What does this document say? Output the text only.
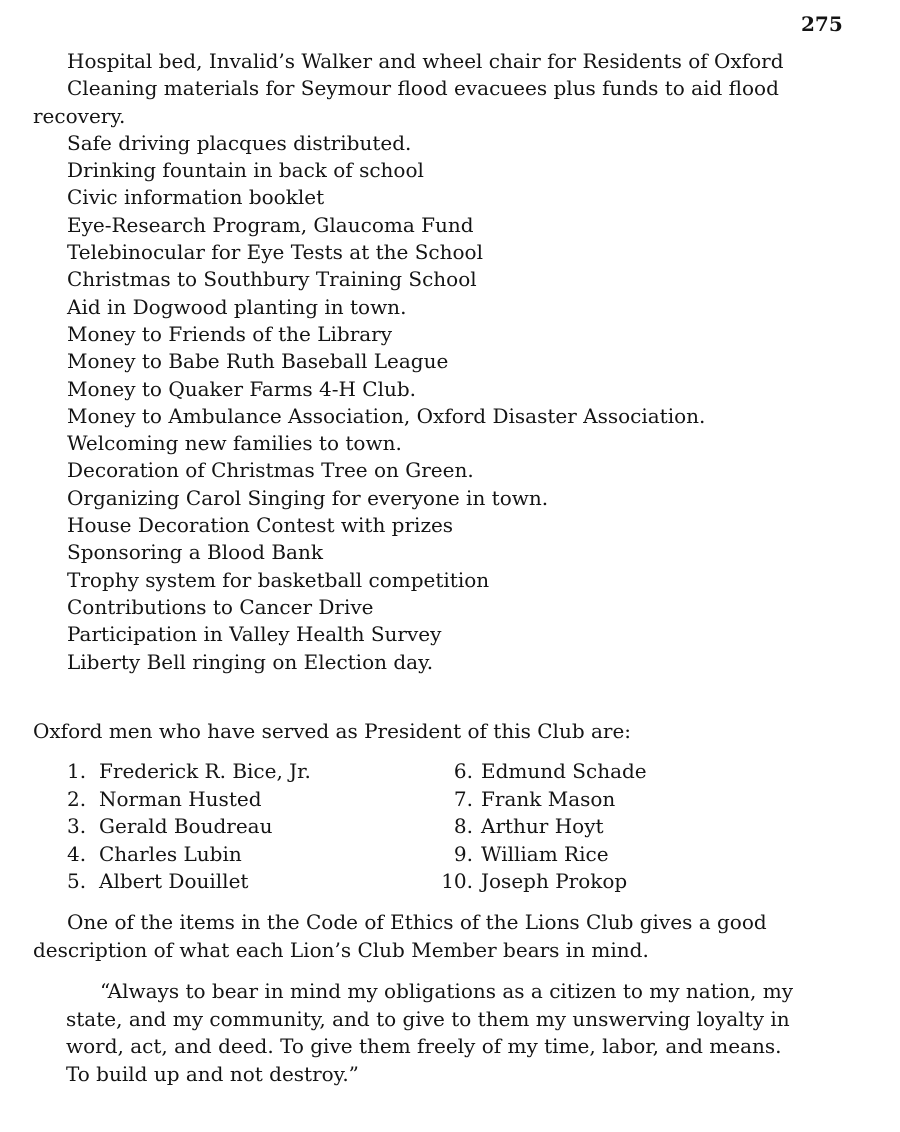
275
Hospital bed, Invalid’s Walker and wheel chair for Residents of Oxford
Cleaning materials for Seymour flood evacuees plus funds to aid flood recovery.
Safe driving placques distributed.
Drinking fountain in back of school
Civic information booklet
Eye-Research Program, Glaucoma Fund
Telebinocular for Eye Tests at the School
Christmas to Southbury Training School
Aid in Dogwood planting in town.
Money to Friends of the Library
Money to Babe Ruth Baseball League
Money to Quaker Farms 4-H Club.
Money to Ambulance Association, Oxford Disaster Association.
Welcoming new families to town.
Decoration of Christmas Tree on Green.
Organizing Carol Singing for everyone in town.
House Decoration Contest with prizes
Sponsoring a Blood Bank
Trophy system for basketball competition
Contributions to Cancer Drive
Participation in Valley Health Survey
Liberty Bell ringing on Election day.
Oxford men who have served as President of this Club are:
1. Frederick R. Bice, Jr.
2. Norman Husted
3. Gerald Boudreau
4. Charles Lubin
5. Albert Douillet
6. Edmund Schade
7. Frank Mason
8. Arthur Hoyt
9. William Rice
10. Joseph Prokop

One of the items in the Code of Ethics of the Lions Club gives a good description of what each Lion’s Club Member bears in mind.

“Always to bear in mind my obligations as a citizen to my nation, my state, and my community, and to give to them my unswerving loyalty in word, act, and deed. To give them freely of my time, labor, and means. To build up and not destroy.”
